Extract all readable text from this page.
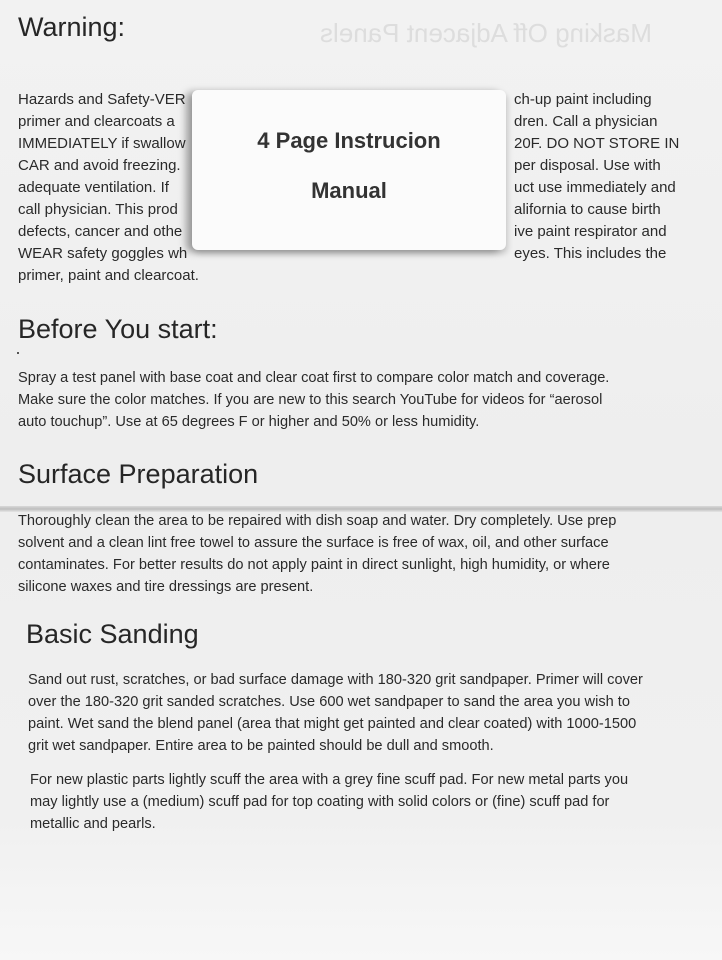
Masking Off Adjacent Panels
Warning:
Hazards and Safety-VER
primer and clearcoats a
IMMEDIATELY if swallow
CAR and avoid freezing.
adequate ventilation. If
call physician. This prod
defects, cancer and othe
WEAR safety goggles wh
primer, paint and clearcoat.
ch-up paint including
dren. Call a physician
20F. DO NOT STORE IN
per disposal. Use with
uct use immediately and
alifornia to cause birth
ive paint respirator and
eyes. This includes the
4 Page Instrucion
Manual
Before You start:
Spray a test panel with base coat and clear coat first to compare color match and coverage.
Make sure the color matches. If you are new to this search YouTube for videos for “aerosol
auto touchup”. Use at 65 degrees F or higher and 50% or less humidity.
Surface Preparation
Thoroughly clean the area to be repaired with dish soap and water. Dry completely. Use prep
solvent and a clean lint free towel to assure the surface is free of wax, oil, and other surface
contaminates. For better results do not apply paint in direct sunlight, high humidity, or where
silicone waxes and tire dressings are present.
Basic Sanding
Sand out rust, scratches, or bad surface damage with 180-320 grit sandpaper. Primer will cover
over the 180-320 grit sanded scratches. Use 600 wet sandpaper to sand the area you wish to
paint. Wet sand the blend panel (area that might get painted and clear coated) with 1000-1500
grit wet sandpaper. Entire area to be painted should be dull and smooth.
For new plastic parts lightly scuff the area with a grey fine scuff pad. For new metal parts you
may lightly use a (medium) scuff pad for top coating with solid colors or (fine) scuff pad for
metallic and pearls.
